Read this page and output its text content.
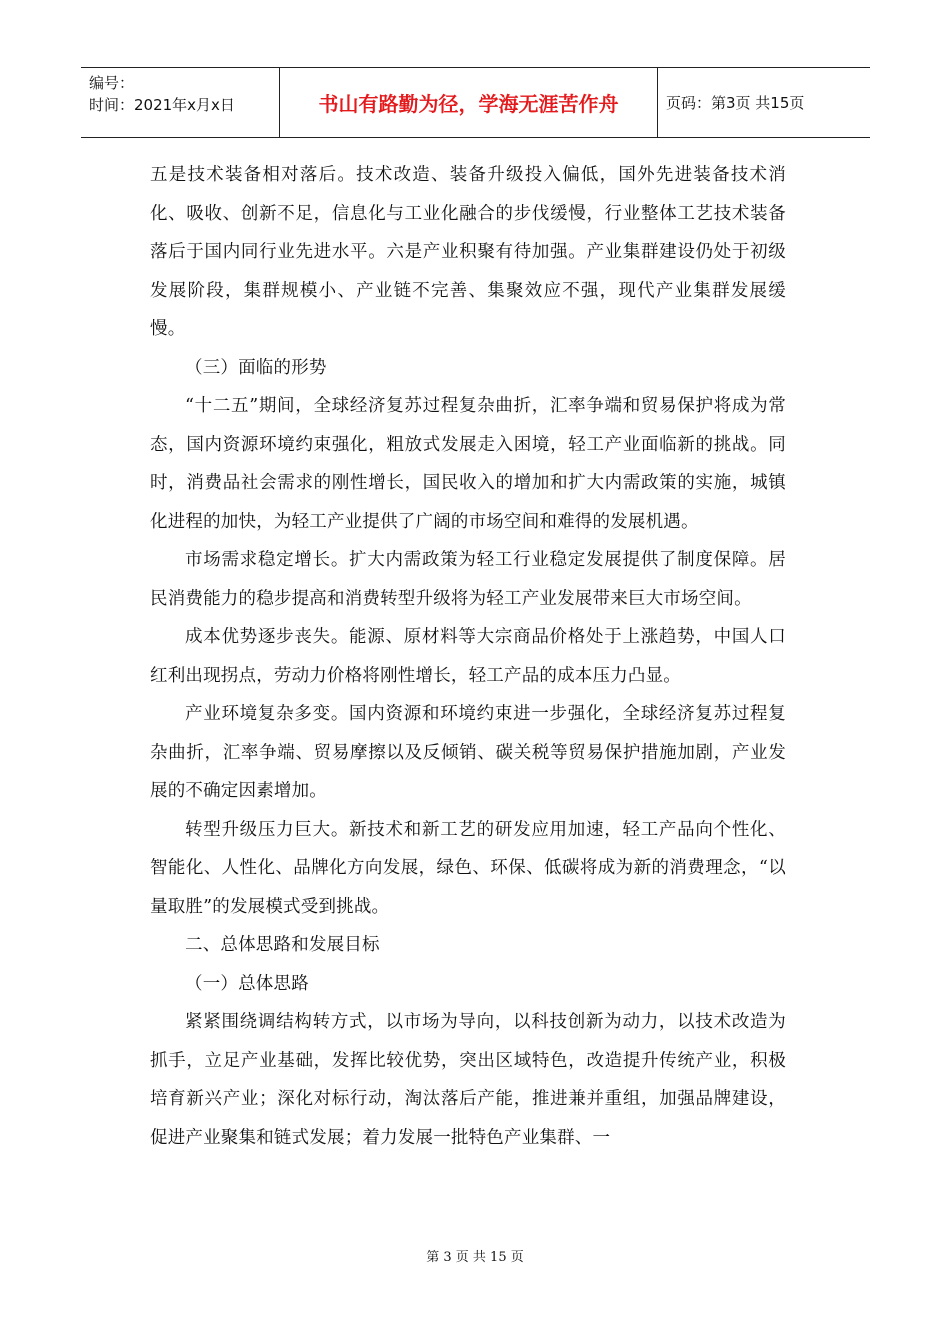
编号：
时间：2021年x月x日	书山有路勤为径，学海无涯苦作舟	页码：第3页 共15页

五是技术装备相对落后。技术改造、装备升级投入偏低，国外先进装备技术消化、吸收、创新不足，信息化与工业化融合的步伐缓慢，行业整体工艺技术装备落后于国内同行业先进水平。六是产业积聚有待加强。产业集群建设仍处于初级发展阶段，集群规模小、产业链不完善、集聚效应不强，现代产业集群发展缓慢。

（三）面临的形势

“十二五”期间，全球经济复苏过程复杂曲折，汇率争端和贸易保护将成为常态，国内资源环境约束强化，粗放式发展走入困境，轻工产业面临新的挑战。同时，消费品社会需求的刚性增长，国民收入的增加和扩大内需政策的实施，城镇化进程的加快，为轻工产业提供了广阔的市场空间和难得的发展机遇。

市场需求稳定增长。扩大内需政策为轻工行业稳定发展提供了制度保障。居民消费能力的稳步提高和消费转型升级将为轻工产业发展带来巨大市场空间。

成本优势逐步丧失。能源、原材料等大宗商品价格处于上涨趋势，中国人口红利出现拐点，劳动力价格将刚性增长，轻工产品的成本压力凸显。

产业环境复杂多变。国内资源和环境约束进一步强化，全球经济复苏过程复杂曲折，汇率争端、贸易摩擦以及反倾销、碳关税等贸易保护措施加剧，产业发展的不确定因素增加。

转型升级压力巨大。新技术和新工艺的研发应用加速，轻工产品向个性化、智能化、人性化、品牌化方向发展，绿色、环保、低碳将成为新的消费理念，“以量取胜”的发展模式受到挑战。

二、总体思路和发展目标

（一）总体思路

紧紧围绕调结构转方式，以市场为导向，以科技创新为动力，以技术改造为抓手，立足产业基础，发挥比较优势，突出区域特色，改造提升传统产业，积极培育新兴产业；深化对标行动，淘汰落后产能，推进兼并重组，加强品牌建设，促进产业聚集和链式发展；着力发展一批特色产业集群、一

第 3 页 共 15 页
